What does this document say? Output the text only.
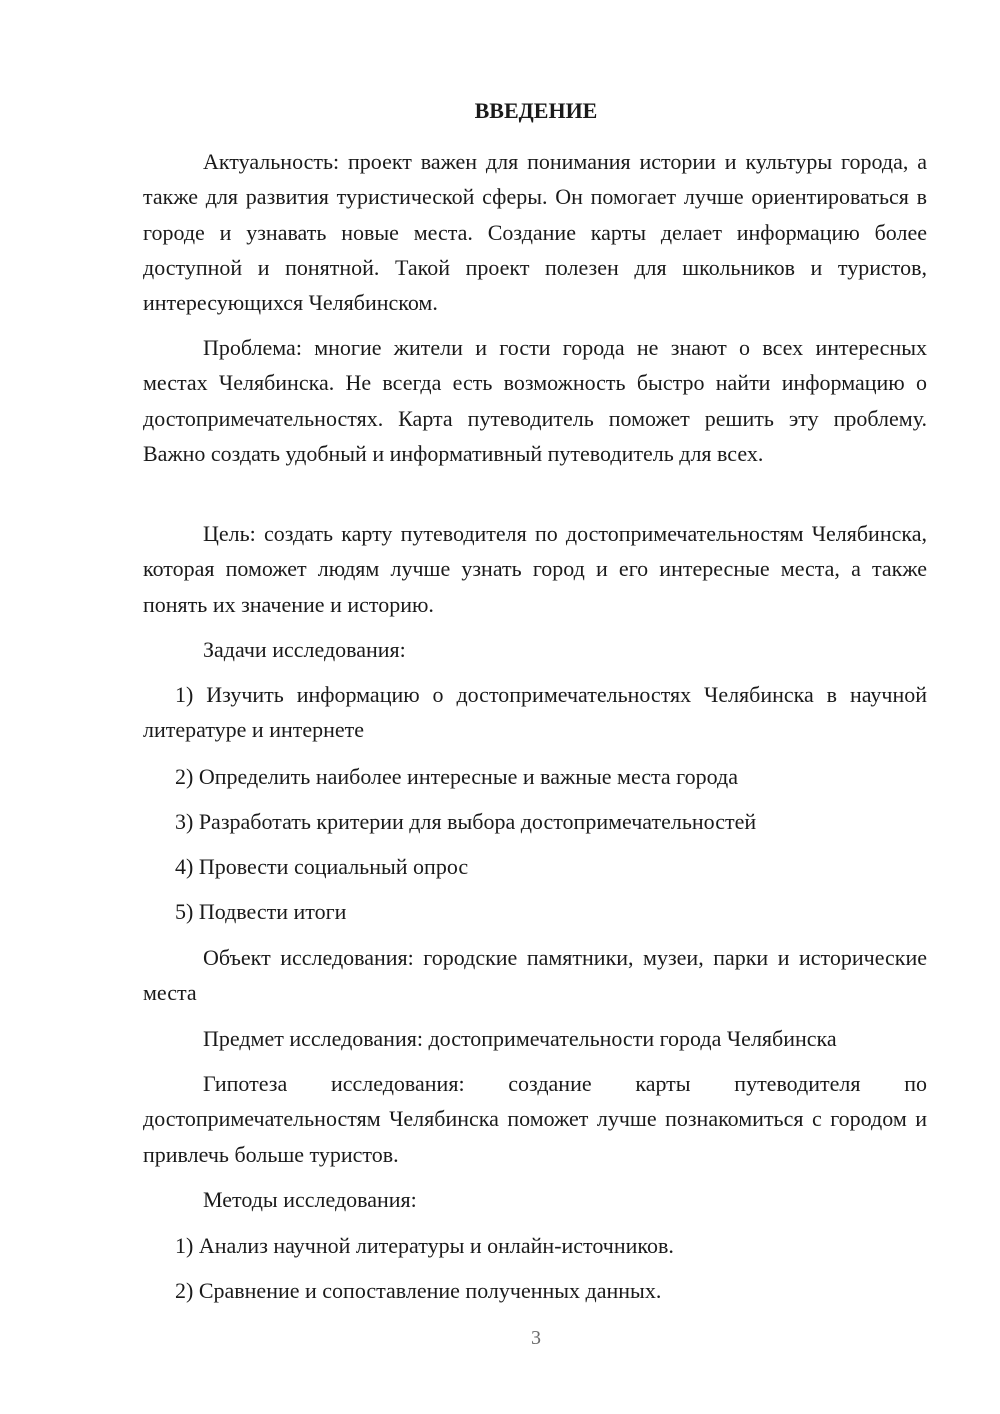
ВВЕДЕНИЕ

Актуальность: проект важен для понимания истории и культуры города, а также для развития туристической сферы. Он помогает лучше ориентироваться в городе и узнавать новые места. Создание карты делает информацию более доступной и понятной. Такой проект полезен для школьников и туристов, интересующихся Челябинском.

Проблема: многие жители и гости города не знают о всех интересных местах Челябинска. Не всегда есть возможность быстро найти информацию о достопримечательностях. Карта путеводитель поможет решить эту проблему. Важно создать удобный и информативный путеводитель для всех.

Цель: создать карту путеводителя по достопримечательностям Челябинска, которая поможет людям лучше узнать город и его интересные места, а также понять их значение и историю.

Задачи исследования:

1) Изучить информацию о достопримечательностях Челябинска в научной литературе и интернете

2) Определить наиболее интересные и важные места города

3) Разработать критерии для выбора достопримечательностей

4) Провести социальный опрос

5) Подвести итоги

Объект исследования: городские памятники, музеи, парки и исторические места

Предмет исследования: достопримечательности города Челябинска

Гипотеза исследования: создание карты путеводителя по достопримечательностям Челябинска поможет лучше познакомиться с городом и привлечь больше туристов.

Методы исследования:

1) Анализ научной литературы и онлайн-источников.

2) Сравнение и сопоставление полученных данных.

3
